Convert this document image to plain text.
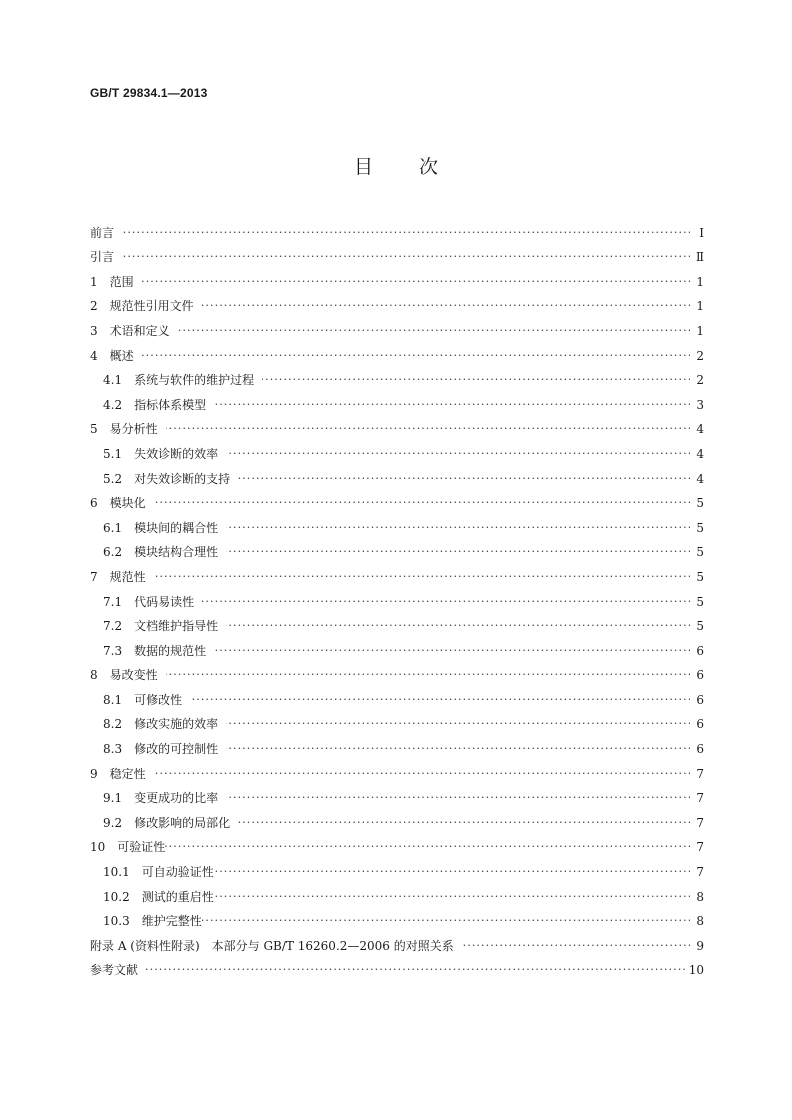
GB/T 29834.1—2013
目 次
前言 · · ·	Ⅰ
引言 · · ·	Ⅱ
1 范围 · · ·	1
2 规范性引用文件 · · ·	1
3 术语和定义 · · ·	1
4 概述 · · ·	2
4.1 系统与软件的维护过程 · · ·	2
4.2 指标体系模型 · · ·	3
5 易分析性 · · ·	4
5.1 失效诊断的效率 · · ·	4
5.2 对失效诊断的支持 · · ·	4
6 模块化 · · ·	5
6.1 模块间的耦合性 · · ·	5
6.2 模块结构合理性 · · ·	5
7 规范性 · · ·	5
7.1 代码易读性 · · ·	5
7.2 文档维护指导性 · · ·	5
7.3 数据的规范性 · · ·	6
8 易改变性 · · ·	6
8.1 可修改性 · · ·	6
8.2 修改实施的效率 · · ·	6
8.3 修改的可控制性 · · ·	6
9 稳定性 · · ·	7
9.1 变更成功的比率 · · ·	7
9.2 修改影响的局部化 · · ·	7
10 可验证性 · · ·	7
10.1 可自动验证性 · · ·	7
10.2 测试的重启性 · · ·	8
10.3 维护完整性 · · ·	8
附录 A (资料性附录)　本部分与 GB/T 16260.2—2006 的对照关系 · · ·	9
参考文献 · · ·	10
